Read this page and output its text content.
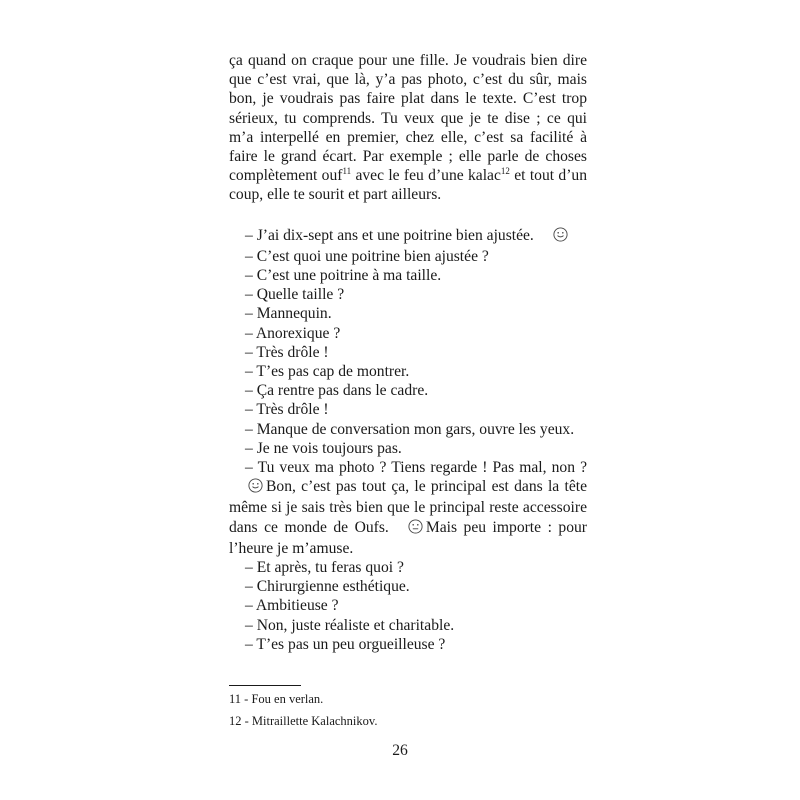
ça quand on craque pour une fille. Je voudrais bien dire que c’est vrai, que là, y’a pas photo, c’est du sûr, mais bon, je voudrais pas faire plat dans le texte. C’est trop sérieux, tu comprends. Tu veux que je te dise ; ce qui m’a interpellé en premier, chez elle, c’est sa facilité à faire le grand écart. Par exemple ; elle parle de choses complètement ouf$^{11}$ avec le feu d’une kalac$^{12}$ et tout d’un coup, elle te sourit et part ailleurs.

– J’ai dix-sept ans et une poitrine bien ajustée.

– C’est quoi une poitrine bien ajustée ?

– C’est une poitrine à ma taille.

– Quelle taille ?

– Mannequin.

– Anorexique ?

– Très drôle !

– T’es pas cap de montrer.

– Ça rentre pas dans le cadre.

– Très drôle !

– Manque de conversation mon gars, ouvre les yeux.

– Je ne vois toujours pas.

– Tu veux ma photo ? Tiens regarde ! Pas mal, non ? Bon, c’est pas tout ça, le principal est dans la tête même si je sais très bien que le principal reste accessoire dans ce monde de Oufs. Mais peu importe : pour l’heure je m’amuse.

– Et après, tu feras quoi ?

– Chirurgienne esthétique.

– Ambitieuse ?

– Non, juste réaliste et charitable.

– T’es pas un peu orgueilleuse ?

11 - Fou en verlan.

12 - Mitraillette Kalachnikov.

26
